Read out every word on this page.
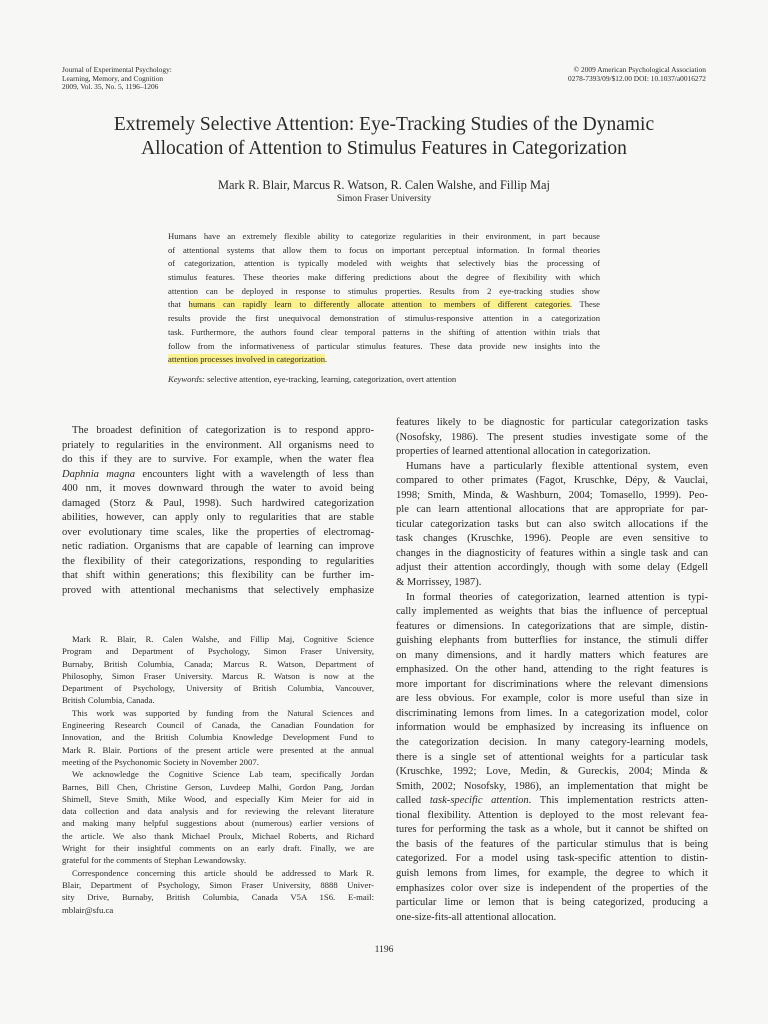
Journal of Experimental Psychology:
Learning, Memory, and Cognition
2009, Vol. 35, No. 5, 1196–1206
© 2009 American Psychological Association
0278-7393/09/$12.00 DOI: 10.1037/a0016272
Extremely Selective Attention: Eye-Tracking Studies of the Dynamic
Allocation of Attention to Stimulus Features in Categorization
Mark R. Blair, Marcus R. Watson, R. Calen Walshe, and Fillip Maj
Simon Fraser University
Humans have an extremely flexible ability to categorize regularities in their environment, in part because
of attentional systems that allow them to focus on important perceptual information. In formal theories
of categorization, attention is typically modeled with weights that selectively bias the processing of
stimulus features. These theories make differing predictions about the degree of flexibility with which
attention can be deployed in response to stimulus properties. Results from 2 eye-tracking studies show
that humans can rapidly learn to differently allocate attention to members of different categories. These
results provide the first unequivocal demonstration of stimulus-responsive attention in a categorization
task. Furthermore, the authors found clear temporal patterns in the shifting of attention within trials that
follow from the informativeness of particular stimulus features. These data provide new insights into the
attention processes involved in categorization.
Keywords: selective attention, eye-tracking, learning, categorization, overt attention
The broadest definition of categorization is to respond appro-
priately to regularities in the environment. All organisms need to
do this if they are to survive. For example, when the water flea
Daphnia magna encounters light with a wavelength of less than
400 nm, it moves downward through the water to avoid being
damaged (Storz & Paul, 1998). Such hardwired categorization
abilities, however, can apply only to regularities that are stable
over evolutionary time scales, like the properties of electromag-
netic radiation. Organisms that are capable of learning can improve
the flexibility of their categorizations, responding to regularities
that shift within generations; this flexibility can be further im-
proved with attentional mechanisms that selectively emphasize
Mark R. Blair, R. Calen Walshe, and Fillip Maj, Cognitive Science
Program and Department of Psychology, Simon Fraser University,
Burnaby, British Columbia, Canada; Marcus R. Watson, Department of
Philosophy, Simon Fraser University. Marcus R. Watson is now at the
Department of Psychology, University of British Columbia, Vancouver,
British Columbia, Canada.
This work was supported by funding from the Natural Sciences and
Engineering Research Council of Canada, the Canadian Foundation for
Innovation, and the British Columbia Knowledge Development Fund to
Mark R. Blair. Portions of the present article were presented at the annual
meeting of the Psychonomic Society in November 2007.
We acknowledge the Cognitive Science Lab team, specifically Jordan
Barnes, Bill Chen, Christine Gerson, Luvdeep Malhi, Gordon Pang, Jordan
Shimell, Steve Smith, Mike Wood, and especially Kim Meier for aid in
data collection and data analysis and for reviewing the relevant literature
and making many helpful suggestions about (numerous) earlier versions of
the article. We also thank Michael Proulx, Michael Roberts, and Richard
Wright for their insightful comments on an early draft. Finally, we are
grateful for the comments of Stephan Lewandowsky.
Correspondence concerning this article should be addressed to Mark R.
Blair, Department of Psychology, Simon Fraser University, 8888 Univer-
sity Drive, Burnaby, British Columbia, Canada V5A 1S6. E-mail:
mblair@sfu.ca
features likely to be diagnostic for particular categorization tasks
(Nosofsky, 1986). The present studies investigate some of the
properties of learned attentional allocation in categorization.
Humans have a particularly flexible attentional system, even
compared to other primates (Fagot, Kruschke, Dépy, & Vauclai,
1998; Smith, Minda, & Washburn, 2004; Tomasello, 1999). Peo-
ple can learn attentional allocations that are appropriate for par-
ticular categorization tasks but can also switch allocations if the
task changes (Kruschke, 1996). People are even sensitive to
changes in the diagnosticity of features within a single task and can
adjust their attention accordingly, though with some delay (Edgell
& Morrissey, 1987).
In formal theories of categorization, learned attention is typi-
cally implemented as weights that bias the influence of perceptual
features or dimensions. In categorizations that are simple, distin-
guishing elephants from butterflies for instance, the stimuli differ
on many dimensions, and it hardly matters which features are
emphasized. On the other hand, attending to the right features is
more important for discriminations where the relevant dimensions
are less obvious. For example, color is more useful than size in
discriminating lemons from limes. In a categorization model, color
information would be emphasized by increasing its influence on
the categorization decision. In many category-learning models,
there is a single set of attentional weights for a particular task
(Kruschke, 1992; Love, Medin, & Gureckis, 2004; Minda &
Smith, 2002; Nosofsky, 1986), an implementation that might be
called task-specific attention. This implementation restricts atten-
tional flexibility. Attention is deployed to the most relevant fea-
tures for performing the task as a whole, but it cannot be shifted on
the basis of the features of the particular stimulus that is being
categorized. For a model using task-specific attention to distin-
guish lemons from limes, for example, the degree to which it
emphasizes color over size is independent of the properties of the
particular lime or lemon that is being categorized, producing a
one-size-fits-all attentional allocation.
1196
